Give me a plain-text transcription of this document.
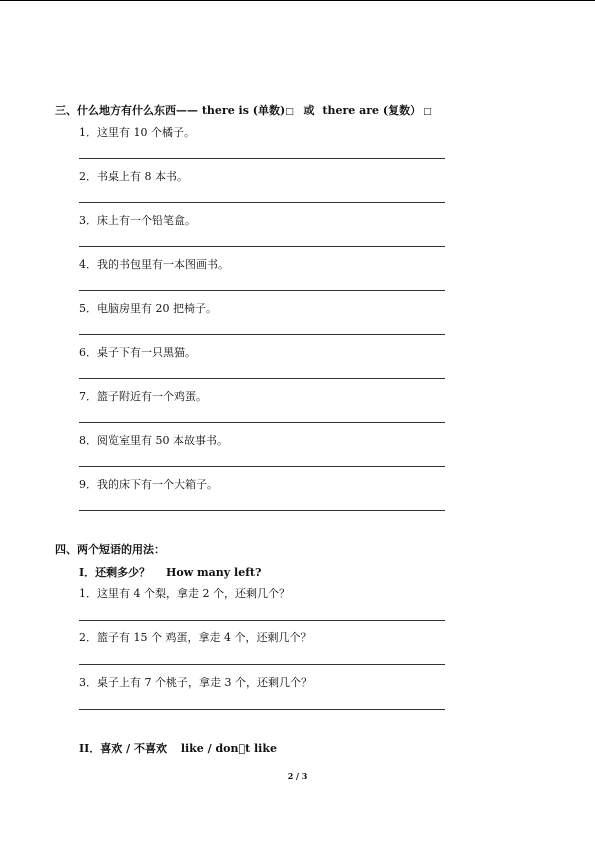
三、什么地方有什么东西—— there is (单数)□ 或 there are (复数） □
1．这里有 10 个橘子。
2．书桌上有 8 本书。
3．床上有一个铅笔盒。
4．我的书包里有一本图画书。
5．电脑房里有 20 把椅子。
6．桌子下有一只黑猫。
7．篮子附近有一个鸡蛋。
8．阅览室里有 50 本故事书。
9．我的床下有一个大箱子。
四、两个短语的用法：
I．还剩多少？ How many left?
1．这里有 4 个梨，拿走 2 个，还剩几个？
2．篮子有 15 个 鸡蛋，拿走 4 个，还剩几个？
3．桌子上有 7 个桃子，拿走 3 个，还剩几个？
II．喜欢 / 不喜欢 like / don t like
2 / 3
